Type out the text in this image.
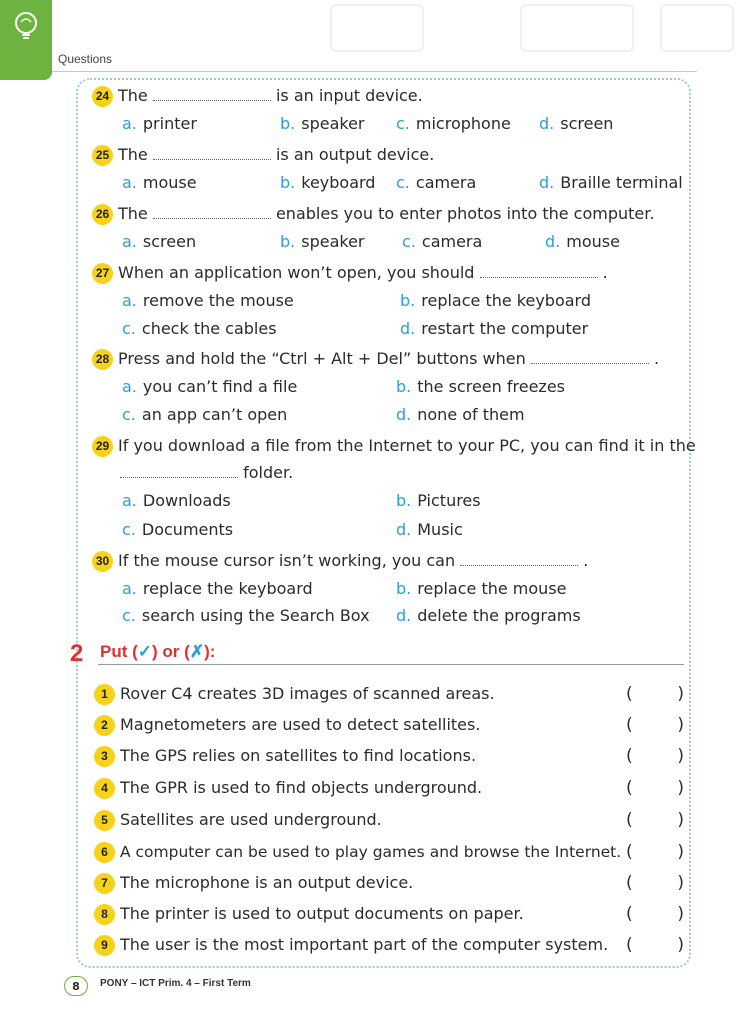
Questions
24 The	is an input device.
a. printer	b. speaker c. microphone d. screen
25 The	is an output device.
a. mouse	b. keyboard c. camera	d. Braille terminal
26 The	enables you to enter photos into the computer.
a. screen	b. speaker c. camera	d. mouse
27 When an application won’t open, you should	.
a. remove the mouse	b. replace the keyboard
c. check the cables	d. restart the computer
28 Press and hold the “Ctrl + Alt + Del” buttons when	.
a. you can’t find a file	b. the screen freezes
c. an app can’t open	d. none of them
29 If you download a file from the Internet to your PC, you can find it in the
folder.
a. Downloads	b. Pictures
c. Documents	d. Music
30 If the mouse cursor isn’t working, you can	.
a. replace the keyboard	b. replace the mouse
c. search using the Search Box d. delete the programs
2 Put (✓) or (✗):
1 Rover C4 creates 3D images of scanned areas.	(	)
2 Magnetometers are used to detect satellites.	(	)
3 The GPS relies on satellites to find locations.	(	)
4 The GPR is used to find objects underground.	(	)
5 Satellites are used underground.	(	)
6 A computer can be used to play games and browse the Internet. (	)
7 The microphone is an output device.	(	)
8 The printer is used to output documents on paper.	(	)
9 The user is the most important part of the computer system. (	)
8	PONY – ICT Prim. 4 – First Term
